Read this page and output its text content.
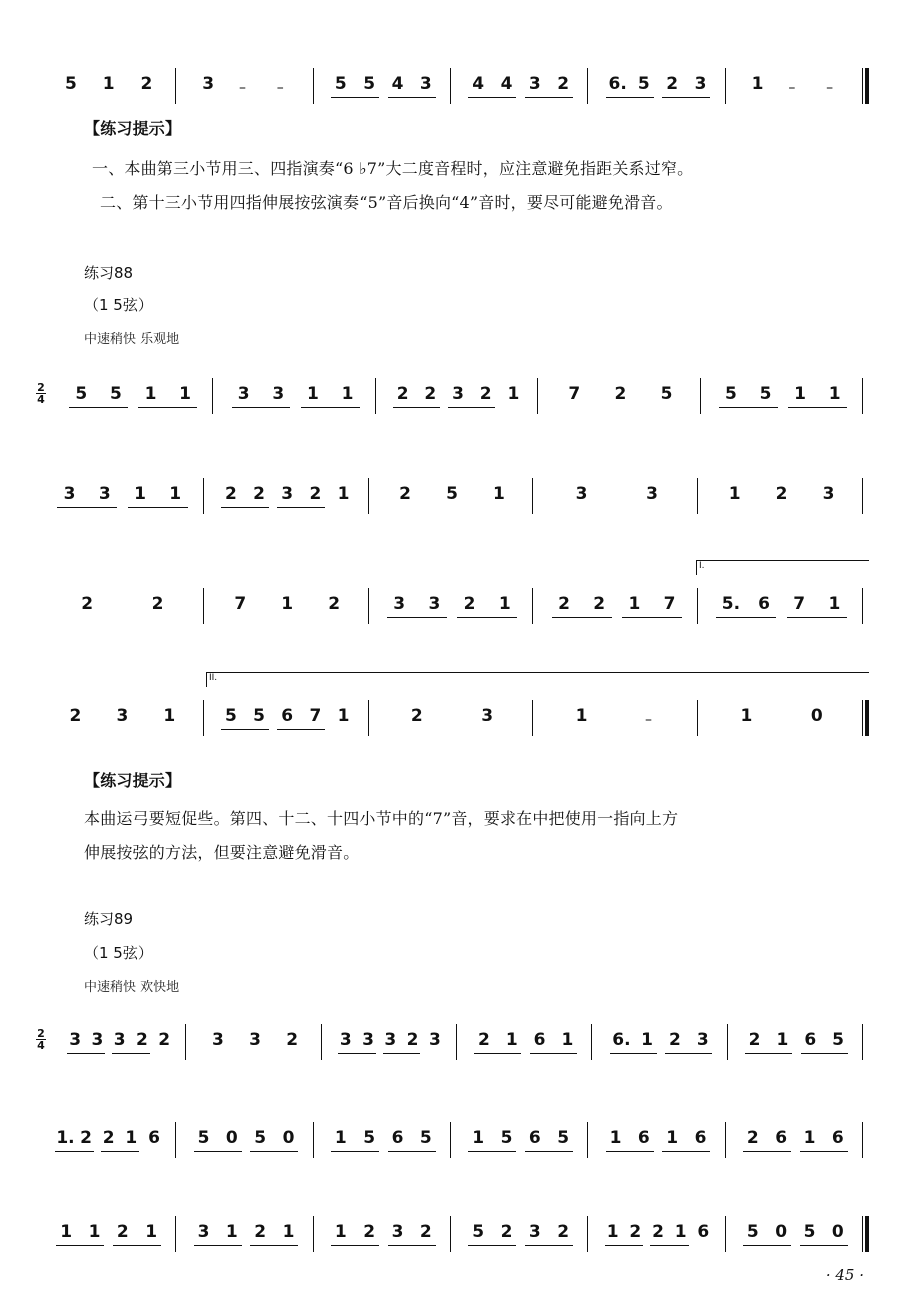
5 1 2	3 – –	5 5 4 3 4 4 3 2 6. 5 2 3	1 – –
【练习提示】
一、本曲第三小节用三、四指演奏“6 ♭7”大二度音程时，应注意避免指距关系过窄。
二、第十三小节用四指伸展按弦演奏“5”音后换向“4”音时，要尽可能避免滑音。
练习88
（1 5弦）
中速稍快 乐观地
2
4 5 5 1 1	3 3 1 1	2 2 3 2 1	7 2 5	5 5 1 1
3 3 1 1	2 2 3 2 1	2 5 1	3	3	1 2 3
2	2	7 1 2	3 3 2 1	2 2 1 7	5. 6 7 1
I.
2 3 1	5 5 6 7 1	2	3	1	–	1	0
II.
【练习提示】
本曲运弓要短促些。第四、十二、十四小节中的“7”音，要求在中把使用一指向上方
伸展按弦的方法，但要注意避免滑音。
练习89
（1 5弦）
中速稍快 欢快地
2
4 3 3 3 2 2 3 3 2 3 3 3 2 3 2 1 6 1 6. 1 2 3 2 1 6 5
1. 2 2 1 6 5 0 5 0 1 5 6 5 1 5 6 5 1 6 1 6 2 6 1 6
1 1 2 1 3 1 2 1 1 2 3 2 5 2 3 2 1 2 2 1 6 5 0 5 0
· 45 ·
